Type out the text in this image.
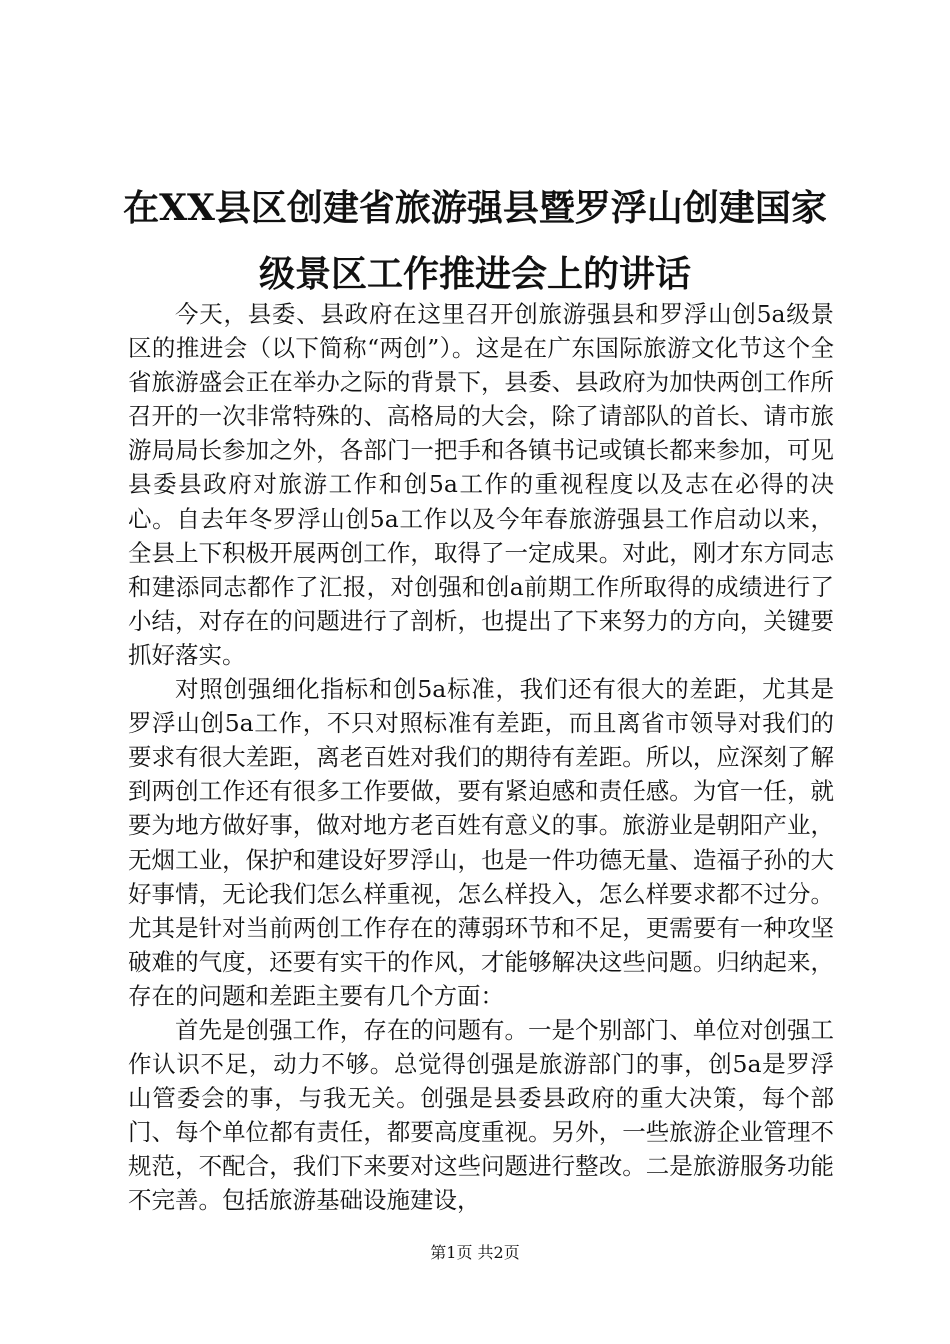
在XX县区创建省旅游强县暨罗浮山创建国家
级景区工作推进会上的讲话

今天，县委、县政府在这里召开创旅游强县和罗浮山创5a级景区的推进会（以下简称“两创”）。这是在广东国际旅游文化节这个全省旅游盛会正在举办之际的背景下，县委、县政府为加快两创工作所召开的一次非常特殊的、高格局的大会，除了请部队的首长、请市旅游局局长参加之外，各部门一把手和各镇书记或镇长都来参加，可见县委县政府对旅游工作和创5a工作的重视程度以及志在必得的决心。自去年冬罗浮山创5a工作以及今年春旅游强县工作启动以来，全县上下积极开展两创工作，取得了一定成果。对此，刚才东方同志和建添同志都作了汇报，对创强和创a前期工作所取得的成绩进行了小结，对存在的问题进行了剖析，也提出了下来努力的方向，关键要抓好落实。

对照创强细化指标和创5a标准，我们还有很大的差距，尤其是罗浮山创5a工作，不只对照标准有差距，而且离省市领导对我们的要求有很大差距，离老百姓对我们的期待有差距。所以，应深刻了解到两创工作还有很多工作要做，要有紧迫感和责任感。为官一任，就要为地方做好事，做对地方老百姓有意义的事。旅游业是朝阳产业，无烟工业，保护和建设好罗浮山，也是一件功德无量、造福子孙的大好事情，无论我们怎么样重视，怎么样投入，怎么样要求都不过分。尤其是针对当前两创工作存在的薄弱环节和不足，更需要有一种攻坚破难的气度，还要有实干的作风，才能够解决这些问题。归纳起来，存在的问题和差距主要有几个方面：

首先是创强工作，存在的问题有。一是个别部门、单位对创强工作认识不足，动力不够。总觉得创强是旅游部门的事，创5a是罗浮山管委会的事，与我无关。创强是县委县政府的重大决策，每个部门、每个单位都有责任，都要高度重视。另外，一些旅游企业管理不规范，不配合，我们下来要对这些问题进行整改。二是旅游服务功能不完善。包括旅游基础设施建设，

第1页 共2页
